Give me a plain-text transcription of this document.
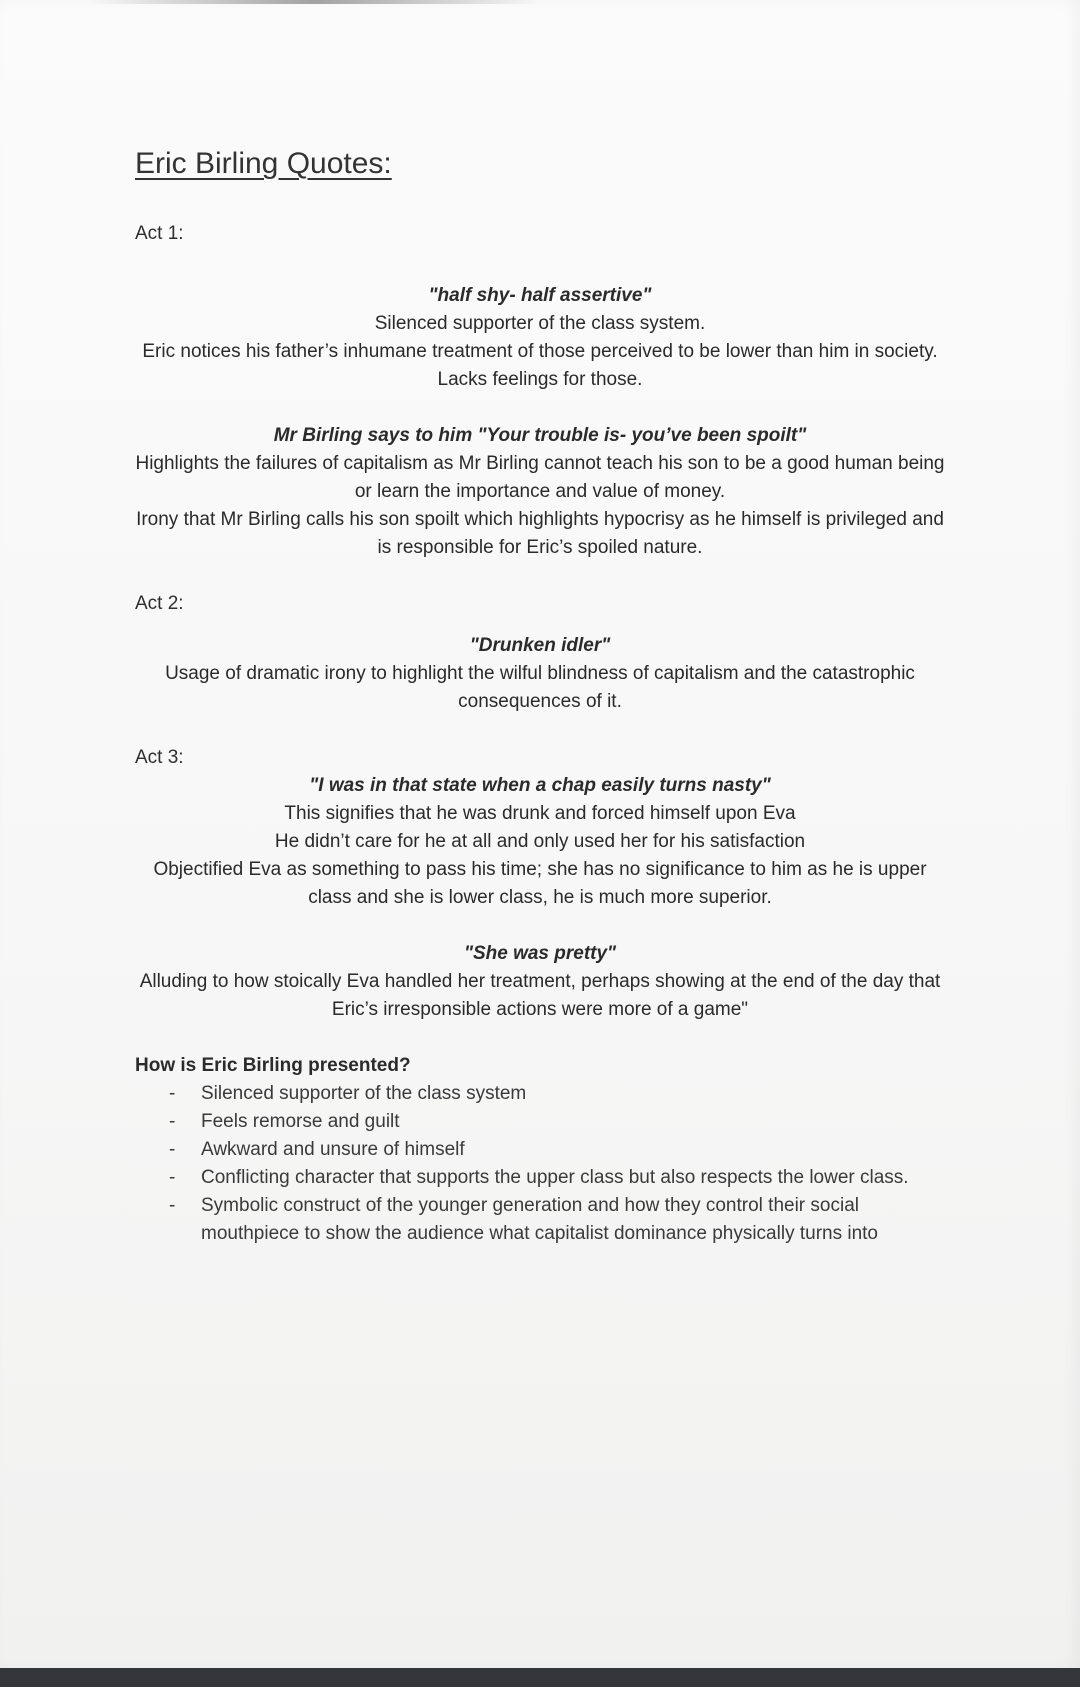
Eric Birling Quotes:

Act 1:

"half shy- half assertive"
Silenced supporter of the class system.
Eric notices his father’s inhumane treatment of those perceived to be lower than him in society.
Lacks feelings for those.
Mr Birling says to him "Your trouble is- you’ve been spoilt"
Highlights the failures of capitalism as Mr Birling cannot teach his son to be a good human being or learn the importance and value of money.
Irony that Mr Birling calls his son spoilt which highlights hypocrisy as he himself is privileged and is responsible for Eric’s spoiled nature.

Act 2:

"Drunken idler"
Usage of dramatic irony to highlight the wilful blindness of capitalism and the catastrophic consequences of it.

Act 3:

"I was in that state when a chap easily turns nasty"
This signifies that he was drunk and forced himself upon Eva
He didn’t care for he at all and only used her for his satisfaction
Objectified Eva as something to pass his time; she has no significance to him as he is upper class and she is lower class, he is much more superior.
"She was pretty"
Alluding to how stoically Eva handled her treatment, perhaps showing at the end of the day that Eric’s irresponsible actions were more of a game"
How is Eric Birling presented?
- Silenced supporter of the class system
- Feels remorse and guilt
- Awkward and unsure of himself
- Conflicting character that supports the upper class but also respects the lower class.
- Symbolic construct of the younger generation and how they control their social mouthpiece to show the audience what capitalist dominance physically turns into
